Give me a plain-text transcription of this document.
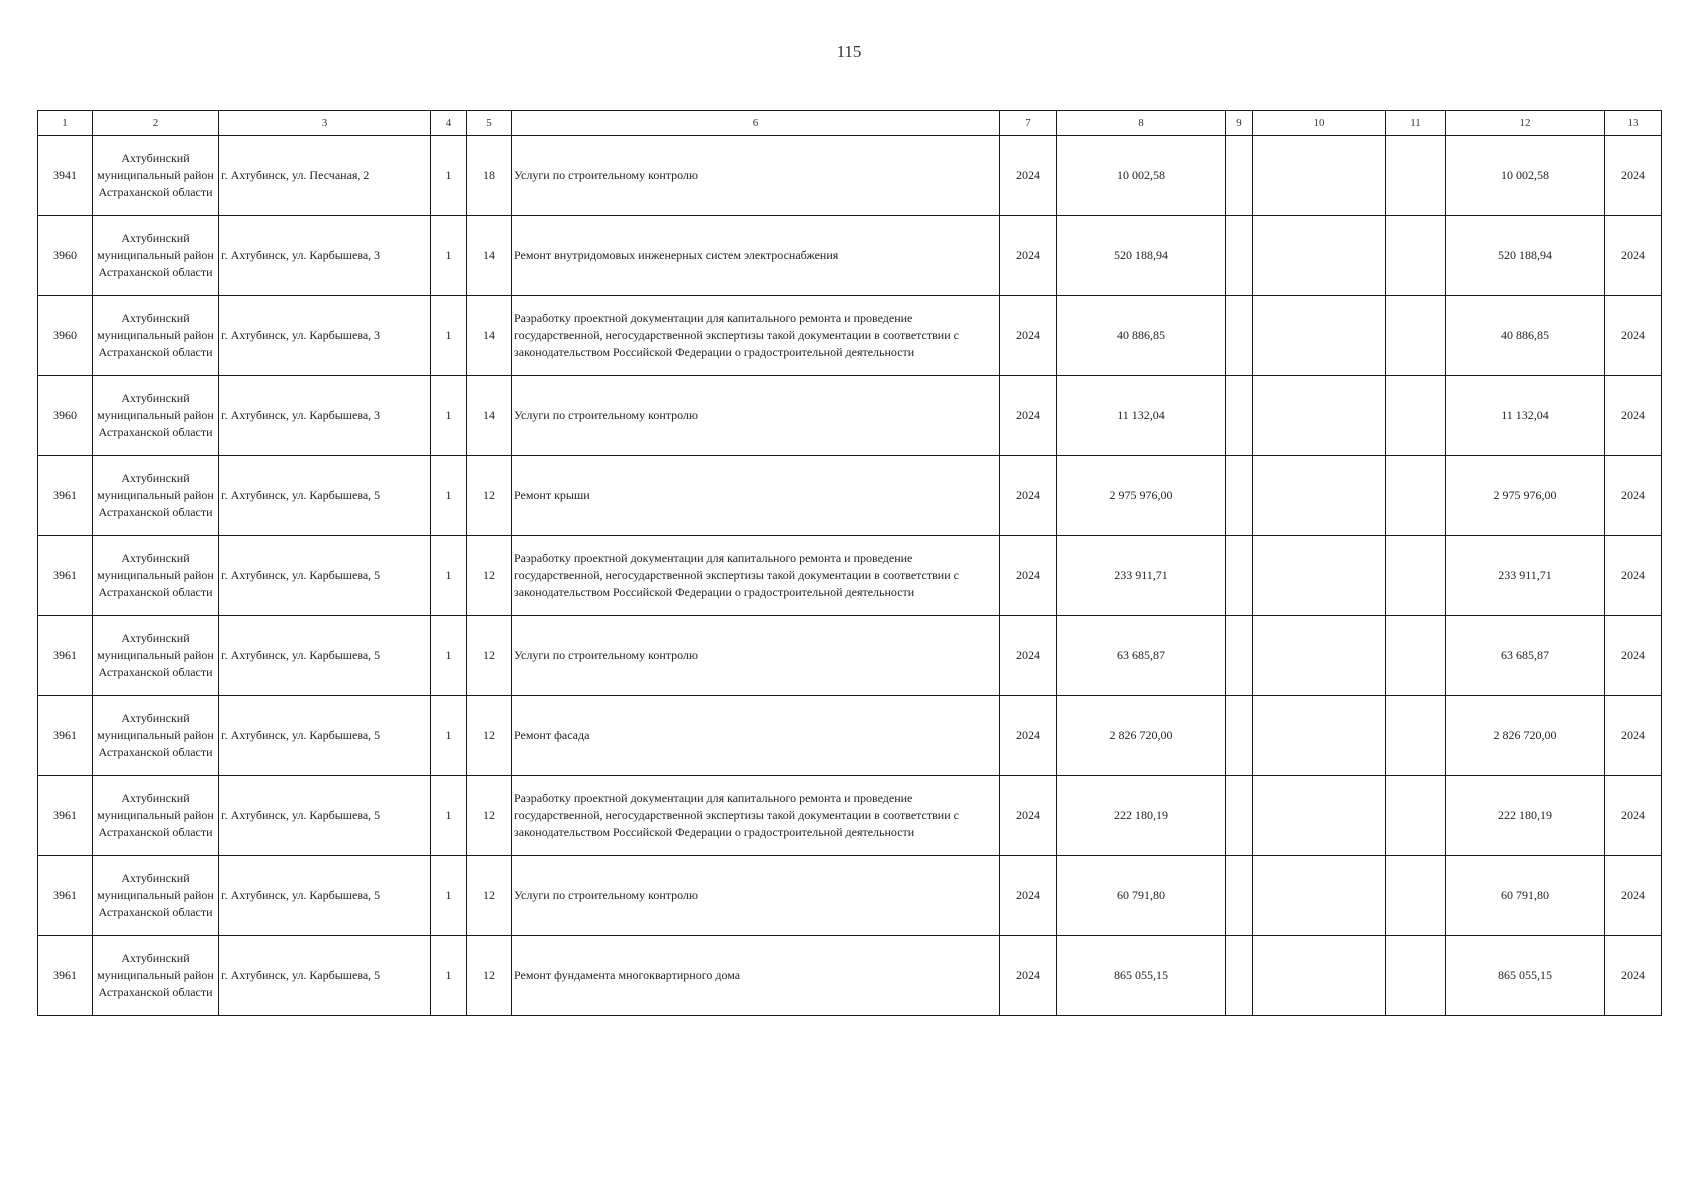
115
1	2	3	4	5	6	7	8	9	10	11	12	13
3941	Ахтубинский муниципальный район Астраханской области	г. Ахтубинск, ул. Песчаная, 2	1	18	Услуги по строительному контролю	2024	10 002,58				10 002,58	2024
3960	Ахтубинский муниципальный район Астраханской области	г. Ахтубинск, ул. Карбышева, 3	1	14	Ремонт внутридомовых инженерных систем электроснабжения	2024	520 188,94				520 188,94	2024
3960	Ахтубинский муниципальный район Астраханской области	г. Ахтубинск, ул. Карбышева, 3	1	14	Разработку проектной документации для капитального ремонта и проведение государственной, негосударственной экспертизы такой документации в соответствии с законодательством Российской Федерации о градостроительной деятельности	2024	40 886,85				40 886,85	2024
3960	Ахтубинский муниципальный район Астраханской области	г. Ахтубинск, ул. Карбышева, 3	1	14	Услуги по строительному контролю	2024	11 132,04				11 132,04	2024
3961	Ахтубинский муниципальный район Астраханской области	г. Ахтубинск, ул. Карбышева, 5	1	12	Ремонт крыши	2024	2 975 976,00				2 975 976,00	2024
3961	Ахтубинский муниципальный район Астраханской области	г. Ахтубинск, ул. Карбышева, 5	1	12	Разработку проектной документации для капитального ремонта и проведение государственной, негосударственной экспертизы такой документации в соответствии с законодательством Российской Федерации о градостроительной деятельности	2024	233 911,71				233 911,71	2024
3961	Ахтубинский муниципальный район Астраханской области	г. Ахтубинск, ул. Карбышева, 5	1	12	Услуги по строительному контролю	2024	63 685,87				63 685,87	2024
3961	Ахтубинский муниципальный район Астраханской области	г. Ахтубинск, ул. Карбышева, 5	1	12	Ремонт фасада	2024	2 826 720,00				2 826 720,00	2024
3961	Ахтубинский муниципальный район Астраханской области	г. Ахтубинск, ул. Карбышева, 5	1	12	Разработку проектной документации для капитального ремонта и проведение государственной, негосударственной экспертизы такой документации в соответствии с законодательством Российской Федерации о градостроительной деятельности	2024	222 180,19				222 180,19	2024
3961	Ахтубинский муниципальный район Астраханской области	г. Ахтубинск, ул. Карбышева, 5	1	12	Услуги по строительному контролю	2024	60 791,80				60 791,80	2024
3961	Ахтубинский муниципальный район Астраханской области	г. Ахтубинск, ул. Карбышева, 5	1	12	Ремонт фундамента многоквартирного дома	2024	865 055,15				865 055,15	2024
